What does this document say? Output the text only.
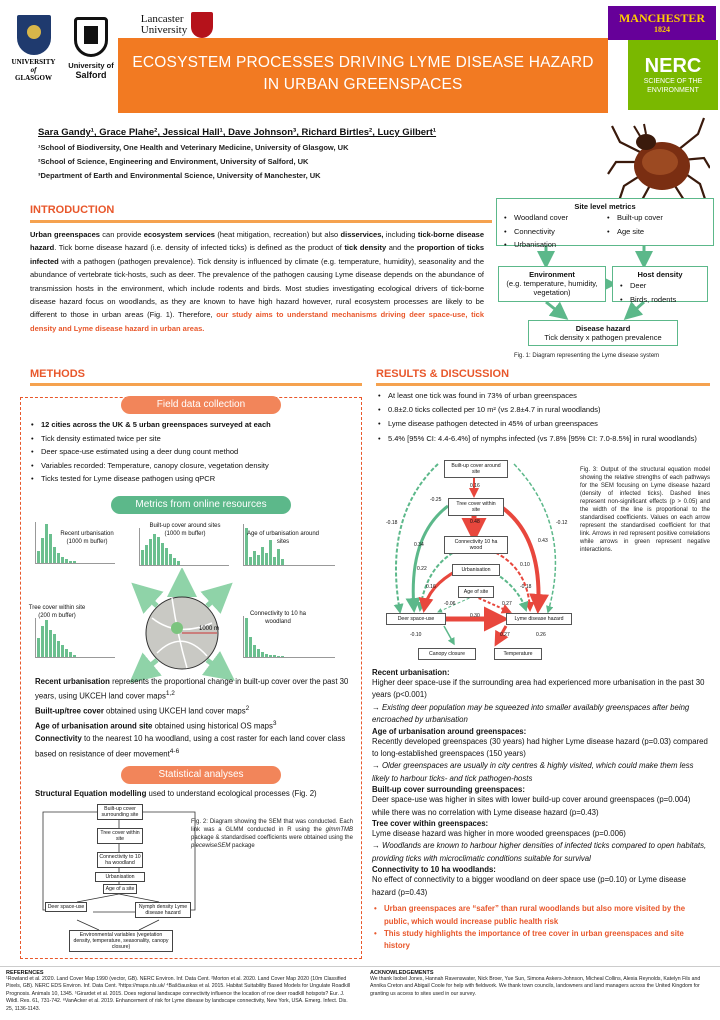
UNIVERSITY
of
GLASGOW
University of
Salford
Lancaster
University
MANCHESTER
1824
NERC
SCIENCE OF THE
ENVIRONMENT
ECOSYSTEM PROCESSES DRIVING LYME DISEASE HAZARD
IN URBAN GREENSPACES
Sara Gandy¹, Grace Plahe², Jessical Hall¹, Dave Johnson³, Richard Birtles², Lucy Gilbert¹
¹School of Biodiversity, One Health and Veterinary Medicine, University of Glasgow, UK
²School of Science, Engineering and Environment, University of Salford, UK
³Department of Earth and Environmental Science, University of Manchester, UK
INTRODUCTION
Urban greenspaces can provide ecosystem services (heat mitigation, recreation) but also disservices, including tick-borne disease hazard. Tick borne disease hazard (i.e. density of infected ticks) is defined as the product of tick density and the proportion of ticks infected with a pathogen (pathogen prevalence). Tick density is influenced by climate (e.g. temperature, humidity), seasonality and the abundance of vertebrate tick-hosts, such as deer. The prevalence of the pathogen causing Lyme disease depends on the abundance of transmission hosts in the environment, which include rodents and birds. Most studies investigating ecological drivers of tick-borne disease hazard focus on woodlands, as they are known to have high hazard however, rural ecosystem processes are likely to be different to those in urban areas (Fig. 1). Therefore, our study aims to understand mechanisms driving deer space-use, tick density and Lyme disease hazard in urban areas.
Site level metrics
• Woodland cover
• Connectivity
• Urbanisation
• Built-up cover
• Age site
Environment
(e.g. temperature, humidity, vegetation)
Host density
• Deer
• Birds, rodents
Disease hazard
Tick density x pathogen prevalence
Fig. 1: Diagram representing the Lyme disease system
METHODS
Field data collection
• 12 cities across the UK & 5 urban greenspaces surveyed at each
• Tick density estimated twice per site
• Deer space-use estimated using a deer dung count method
• Variables recorded: Temperature, canopy closure, vegetation density
• Ticks tested for Lyme disease pathogen using qPCR
Metrics from online resources
Recent urbanisation (1000 m buffer)
Built-up cover around sites (1000 m buffer)	Age of urbanisation around sites
Tree cover within site (200 m buffer)	Connectivity to 10 ha woodland
1000 m
Recent urbanisation represents the proportional change in built-up cover over the past 30 years, using UKCEH land cover maps$^{1,2}$
Built-up/tree cover obtained using UKCEH land cover maps$^2$
Age of urbanisation around site obtained using historical OS maps$^3$
Connectivity to the nearest 10 ha woodland, using a cost raster for each land cover class based on resistance of deer movement$^{4-6}$
Statistical analyses
Structural Equation modelling used to understand ecological processes (Fig. 2)
Built-up cover surrounding site
Tree cover within site
Connectivity to 10 ha woodland
Urbanisation
Age of a site
Deer space-use	Nymph density Lyme disease hazard
Environmental variables (vegetation density, temperature, seasonality, canopy closure)
Fig. 2: Diagram showing the SEM that was conducted. Each link was a GLMM conducted in R using the glmmTMB package & standardised coefficients were obtained using the piecewiseSEM package
RESULTS & DISCUSSION
• At least one tick was found in 73% of urban greenspaces
• 0.8±2.0 ticks collected per 10 m² (vs 2.8±4.7 in rural woodlands)
• Lyme disease pathogen detected in 45% of urban greenspaces
• 5.4% [95% CI: 4.4-6.4%] of nymphs infected (vs 7.8% [95% CI: 7.0-8.5%] in rural woodlands)
Built-up cover around site
Tree cover within site
Connectivity 10 ha wood
Urbanisation
Age of site
Deer space-use	Lyme disease hazard
Canopy closure	Temperature
0.16
-0.25
-0.12
0.48
-0.18
0.34
0.43
0.22
0.10
0.16	-0.18
-0.06	0.27
0.30
-0.10	0.27	0.26
Fig. 3: Output of the structural equation model showing the relative strengths of each pathways for the SEM focusing on Lyme disease hazard (density of infected ticks). Dashed lines represent non-significant effects (p > 0.05) and the width of the line is proportional to the standardised coefficients. Values on each arrow represent the standardised coefficient for that link. Arrows in red represent positive correlations while arrows in green represent negative interactions.
Recent urbanisation:
Higher deer space-use if the surrounding area had experienced more urbanisation in the past 30 years (p<0.001)
→ Existing deer population may be squeezed into smaller availably greenspaces after being encroached by urbanisation
Age of urbanisation around greenspaces:
Recently developed greenspaces (30 years) had higher Lyme disease hazard (p=0.03) compared to long-established greenspaces (150 years)
→ Older greenspaces are usually in city centres & highly visited, which could make them less likely to harbour ticks- and tick pathogen-hosts
Built-up cover surrounding greenspaces:
Deer space-use was higher in sites with lower build-up cover around greenspaces (p=0.004) while there was no correlation with Lyme disease hazard (p=0.43)
Tree cover within greenspaces:
Lyme disease hazard was higher in more wooded greenspaces (p=0.006)
→ Woodlands are known to harbour higher densities of infected ticks compared to open habitats, providing ticks with microclimatic conditions suitable for survival
Connectivity to 10 ha woodlands:
No effect of connectivity to a bigger woodland on deer space use (p=0.10) or Lyme disease hazard (p=0.43)
• Urban greenspaces are “safer” than rural woodlands but also more visited by the public, which would increase public health risk
• This study highlights the importance of tree cover in urban greenspaces and site history
REFERENCES
¹Rowland et al. 2020. Land Cover Map 1990 (vector, GB). NERC Environ. Inf. Data Cent. ²Morton et al. 2020. Land Cover Map 2020 (10m Classified Pixels, GB). NERC EDS Environ. Inf. Data Cent. ³https://maps.nls.uk/ ⁴Baščiauskas et al. 2015. Habitat Suitability Based Models for Ungulate Roadkill Prognosis. Animals 10, 1345. ⁵Girardet et al. 2015. Does regional landscape connectivity influence the location of roe deer roadkill hotspots? Eur. J. Wildl. Res. 61, 731-742. ⁶VanAcker et al. 2019. Enhancement of risk for Lyme disease by landscape connectivity, New York, USA. Emerg. Infect. Dis. 25, 1136-1143.
ACKNOWLEDGEMENTS
We thank Isobel Jones, Hannah Ravenswater, Nick Broer, Yue Sun, Simona Askers-Johnson, Micheal Collins, Alexia Reynolds, Katelyn Fils and Annika Creton and Abigail Coole for help with fieldwork. We thank town councils, landowners and land managers across the United Kingdom for granting us access to sites used in our survey.
